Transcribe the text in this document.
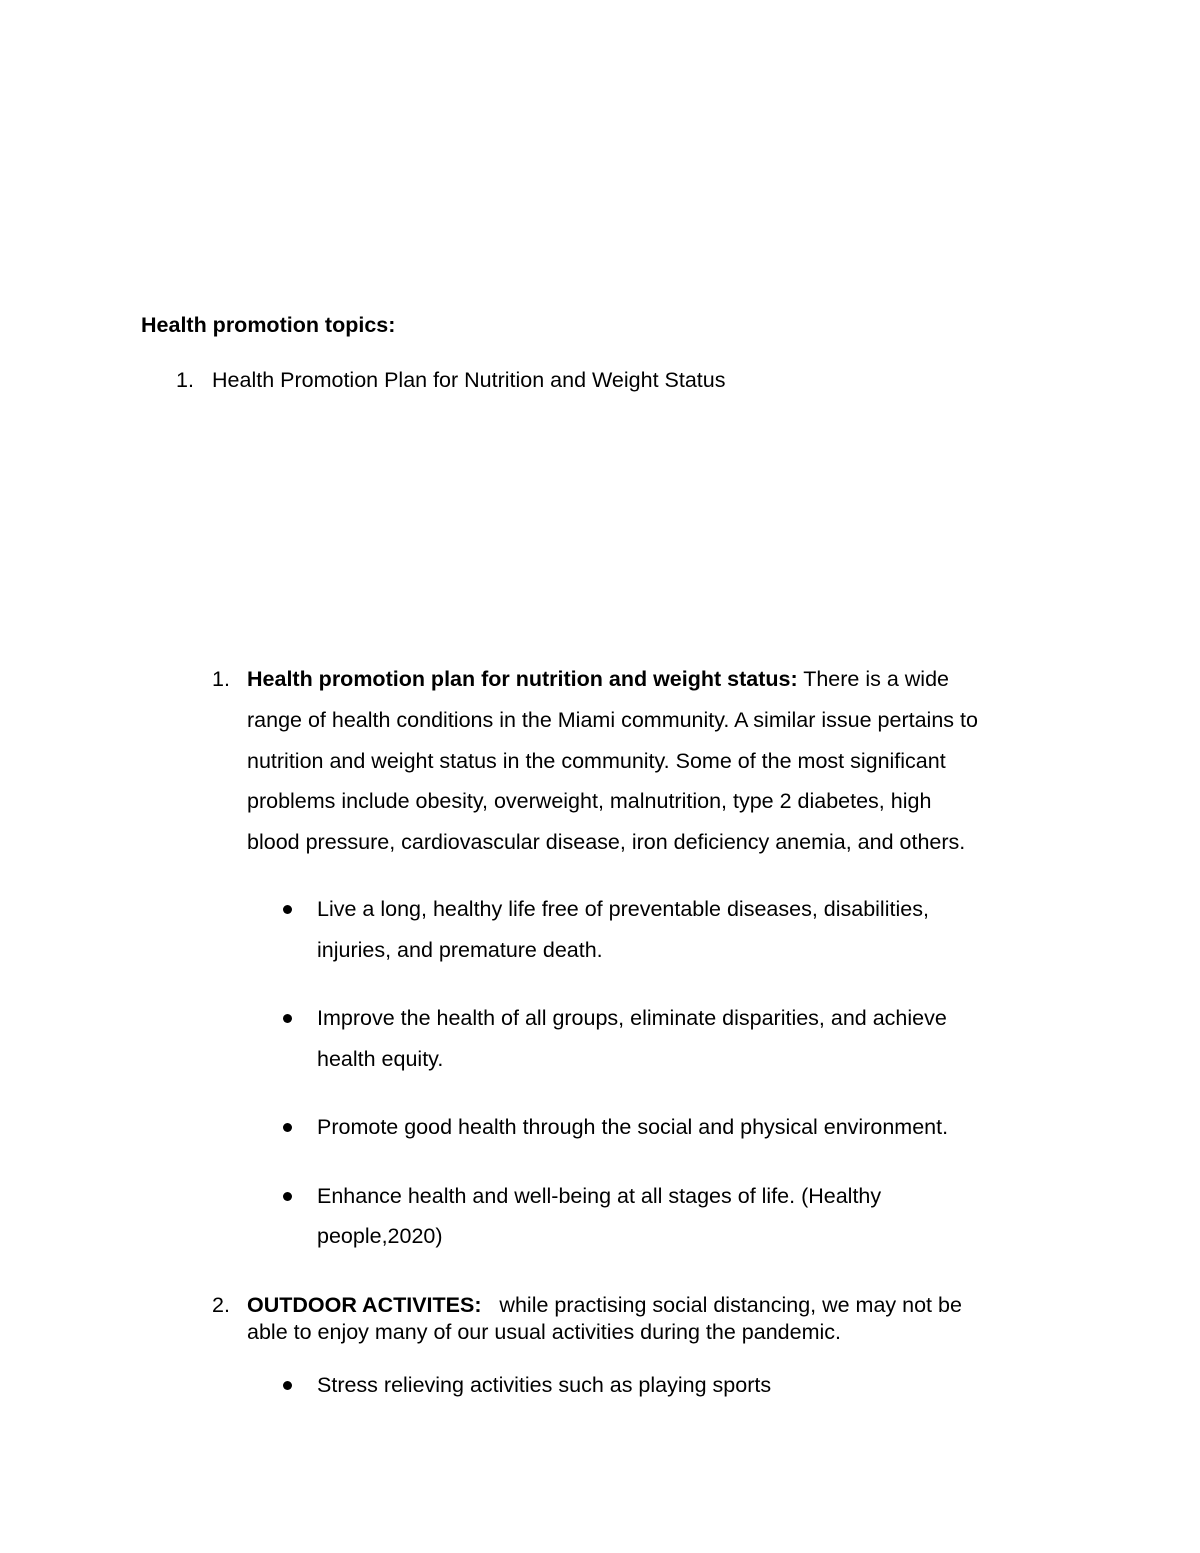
Health promotion topics:
1. Health Promotion Plan for Nutrition and Weight Status
1. Health promotion plan for nutrition and weight status: There is a wide
range of health conditions in the Miami community. A similar issue pertains to
nutrition and weight status in the community. Some of the most significant
problems include obesity, overweight, malnutrition, type 2 diabetes, high
blood pressure, cardiovascular disease, iron deficiency anemia, and others.
Live a long, healthy life free of preventable diseases, disabilities,
injuries, and premature death.
Improve the health of all groups, eliminate disparities, and achieve
health equity.
Promote good health through the social and physical environment.
Enhance health and well-being at all stages of life. (Healthy
people,2020)
2. OUTDOOR ACTIVITES:   while practising social distancing, we may not be
able to enjoy many of our usual activities during the pandemic.
Stress relieving activities such as playing sports
